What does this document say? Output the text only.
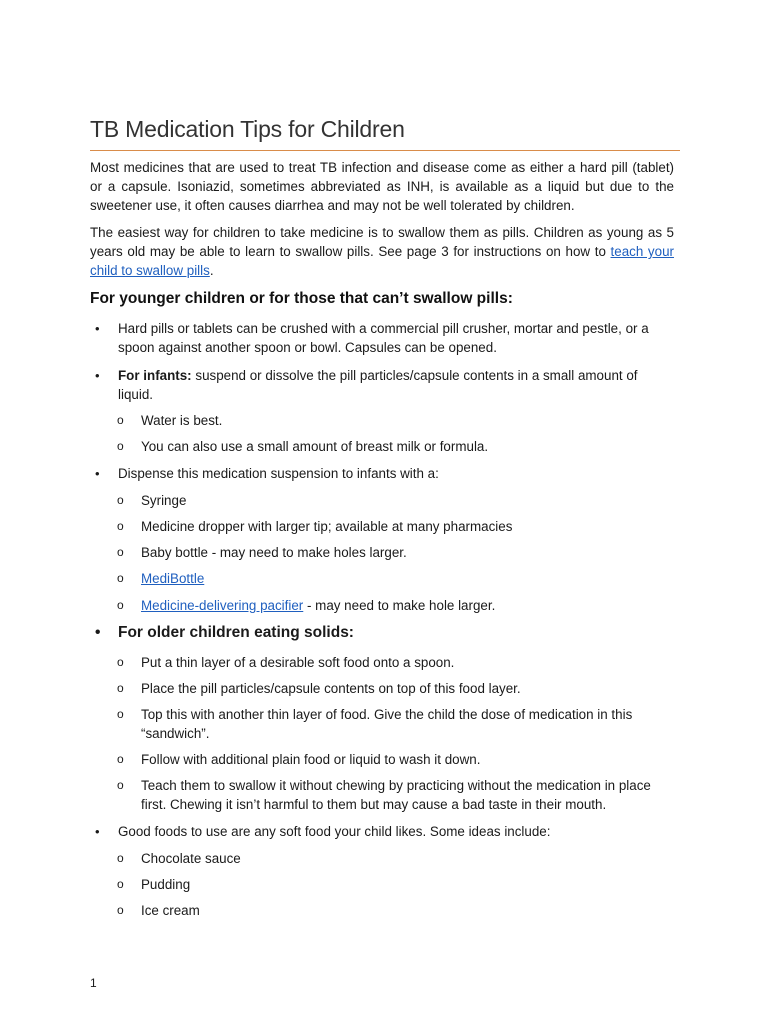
TB Medication Tips for Children
Most medicines that are used to treat TB infection and disease come as either a hard pill (tablet) or a capsule. Isoniazid, sometimes abbreviated as INH, is available as a liquid but due to the sweetener use, it often causes diarrhea and may not be well tolerated by children.
The easiest way for children to take medicine is to swallow them as pills. Children as young as 5 years old may be able to learn to swallow pills. See page 3 for instructions on how to teach your child to swallow pills.
For younger children or for those that can’t swallow pills:
• Hard pills or tablets can be crushed with a commercial pill crusher, mortar and pestle, or a spoon against another spoon or bowl. Capsules can be opened.
• For infants: suspend or dissolve the pill particles/capsule contents in a small amount of liquid.
o Water is best.
o You can also use a small amount of breast milk or formula.
• Dispense this medication suspension to infants with a:
o Syringe
o Medicine dropper with larger tip; available at many pharmacies
o Baby bottle - may need to make holes larger.
o MediBottle
o Medicine-delivering pacifier - may need to make hole larger.
• For older children eating solids:
o Put a thin layer of a desirable soft food onto a spoon.
o Place the pill particles/capsule contents on top of this food layer.
o Top this with another thin layer of food. Give the child the dose of medication in this “sandwich”.
o Follow with additional plain food or liquid to wash it down.
o Teach them to swallow it without chewing by practicing without the medication in place first. Chewing it isn’t harmful to them but may cause a bad taste in their mouth.
• Good foods to use are any soft food your child likes. Some ideas include:
o Chocolate sauce
o Pudding
o Ice cream
1
